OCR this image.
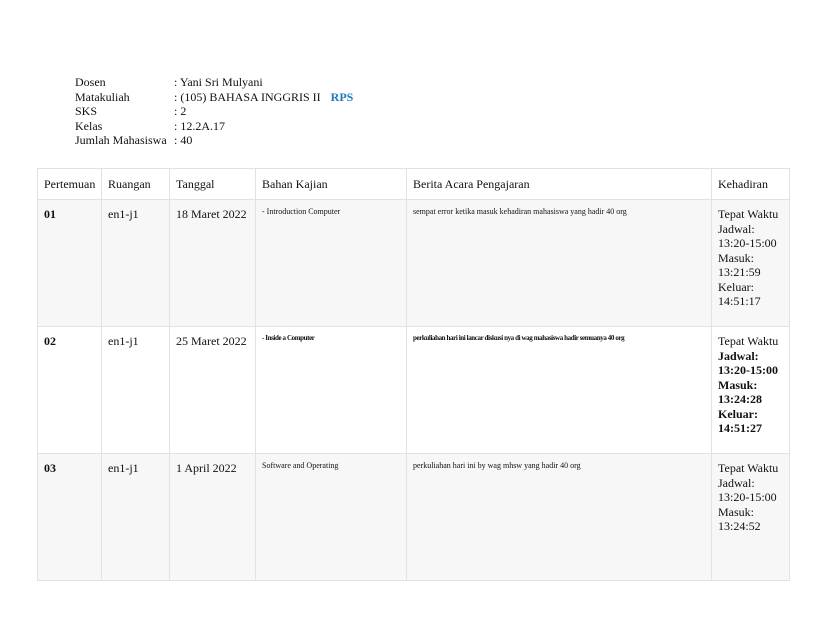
Dosen	: Yani Sri Mulyani
Matakuliah	: (105) BAHASA INGGRIS II RPS
SKS	: 2
Kelas	: 12.2A.17
Jumlah Mahasiswa : 40
Pertemuan	Ruangan	Tanggal	Bahan Kajian	Berita Acara Pengajaran	Kehadiran
01	en1-j1	18 Maret 2022	- Introduction Computer	sempat error ketika masuk kehadiran mahasiswa yang hadir 40 org	Tepat Waktu
Jadwal: 13:20-15:00
Masuk: 13:21:59
Keluar: 14:51:17

02	en1-j1	25 Maret 2022	- Inside a Computer	perkuliahan hari ini lancar diskusi nya di wag mahasiswa hadir semuanya 40 org	Tepat Waktu
Jadwal: 13:20-15:00
Masuk: 13:24:28
Keluar: 14:51:27

03	en1-j1	1 April 2022	Software and Operating	perkuliahan hari ini by wag mhsw yang hadir 40 org	Tepat Waktu
Jadwal: 13:20-15:00
Masuk: 13:24:52
